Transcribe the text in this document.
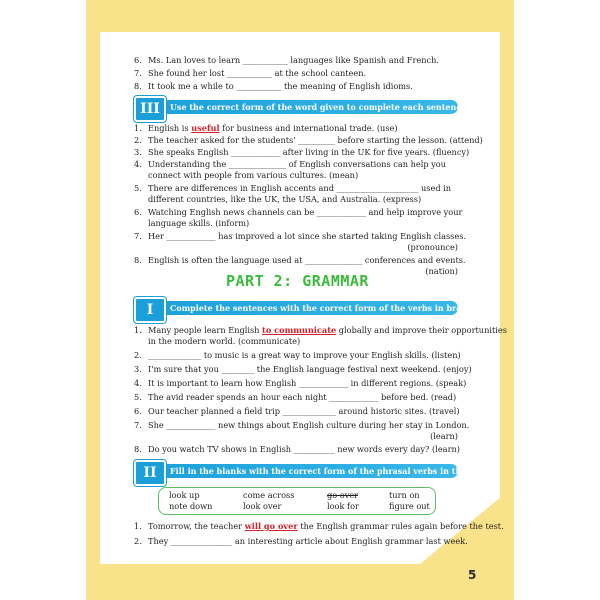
5
6. Ms. Lan loves to learn ___________ languages like Spanish and French.
7. She found her lost ___________ at the school canteen.
8. It took me a while to ___________ the meaning of English idioms.
III	Use the correct form of the word given to complete each sentence.
1. English is useful for business and international trade. (use)
2. The teacher asked for the students' _________ before starting the lesson. (attend)
3. She speaks English ____________ after living in the UK for five years. (fluency)
4. Understanding the ______________ of English conversations can help you
connect with people from various cultures. (mean)
5. There are differences in English accents and ____________________ used in
different countries, like the UK, the USA, and Australia. (express)
6. Watching English news channels can be ____________ and help improve your
language skills. (inform)
7. Her ____________ has improved a lot since she started taking English classes.
(pronounce)
8. English is often the language used at ______________ conferences and events.
(nation)
PART 2: GRAMMAR
I	Complete the sentences with the correct form of the verbs in brackets.
1. Many people learn English to communicate globally and improve their opportunities
in the modern world. (communicate)
2. _____________ to music is a great way to improve your English skills. (listen)
3. I'm sure that you ________ the English language festival next weekend. (enjoy)
4. It is important to learn how English ____________ in different regions. (speak)
5. The avid reader spends an hour each night ____________ before bed. (read)
6. Our teacher planned a field trip _____________ around historic sites. (travel)
7. She ____________ new things about English culture during her stay in London.
(learn)
8. Do you watch TV shows in English __________ new words every day? (learn)
II	Fill in the blanks with the correct form of the phrasal verbs in the box.
look up	come across	go over	turn on
note down	look over	look for	figure out
1. Tomorrow, the teacher will go over the English grammar rules again before the test.
2. They _______________ an interesting article about English grammar last week.
